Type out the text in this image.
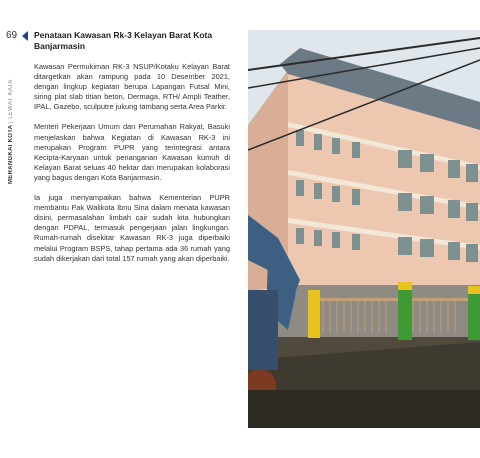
69
MERANGKAI KOTA | LEWAT KATA
Penataan Kawasan Rk-3 Kelayan Barat Kota Banjarmasin

Kawasan Permukiman RK-3 NSUP/Kotaku Kelayan Barat ditargetkan akan rampung pada 10 Desember 2021, dengan lingkup kegiatan berupa Lapangan Futsal Mini, siring plat slab titian beton, Dermaga, RTH/ Ampli Teather, IPAL, Gazebo, sculputre jukung tambang serta Area Parkir.

Menteri Pekerjaan Umum dan Perumahan Rakyat, Basuki menjelaskan bahwa Kegiatan di Kawasan RK-3 ini merupakan Program PUPR yang terintegrasi antara Kecipta-Karyaan untuk penanganan Kawasan kumuh di Kelayan Barat seluas 40 hektar dan merupakan kolaborasi yang bagus dengan Kota Banjarmasin.

Ia juga menyampaikan bahwa Kementerian PUPR membantu Pak Walikota Ibnu Sina dalam menata kawasan disini, permasalahan limbah cair sudah kita hubungkan dengan PDPAL, termasuk pengerjaan jalan lingkungan. Rumah-rumah disekitar Kawasan RK-3 juga diperbaiki melalui Program BSPS, tahap pertama ada 36 rumah yang sudah dikerjakan dari total 157 rumah yang akan diperbaiki.
